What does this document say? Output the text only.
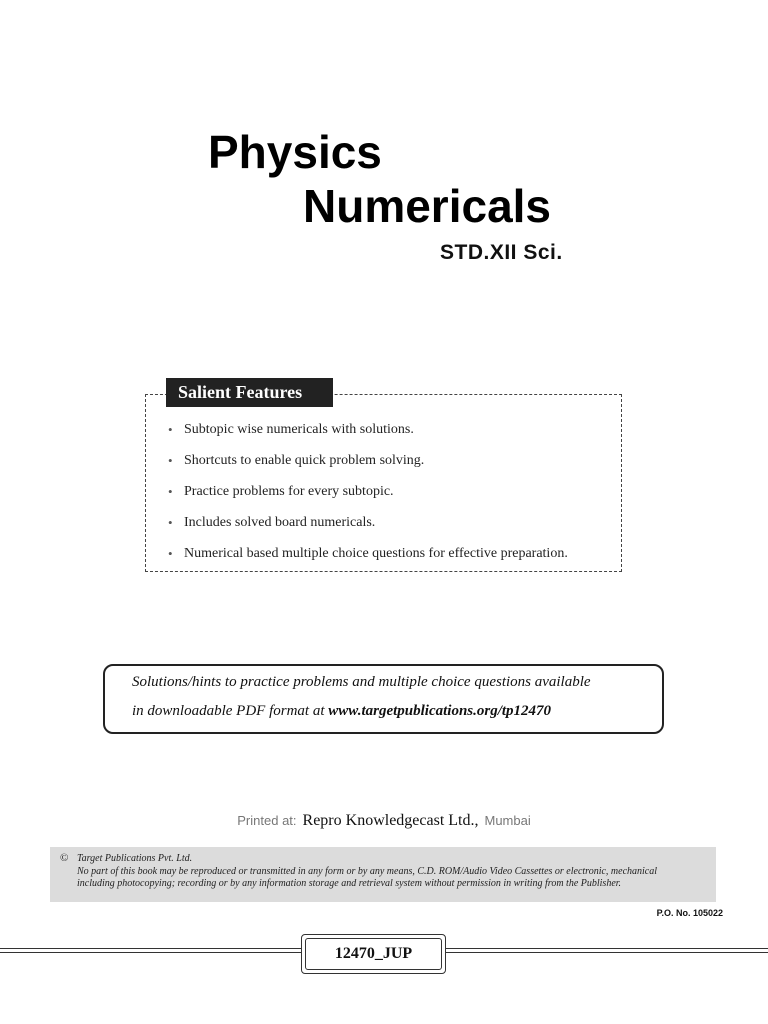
Physics
Numericals
STD.XII Sci.
Salient Features
• Subtopic wise numericals with solutions.
• Shortcuts to enable quick problem solving.
• Practice problems for every subtopic.
• Includes solved board numericals.
• Numerical based multiple choice questions for effective preparation.
Solutions/hints to practice problems and multiple choice questions available
in downloadable PDF format at www.targetpublications.org/tp12470
Printed at: Repro Knowledgecast Ltd., Mumbai
© Target Publications Pvt. Ltd.
No part of this book may be reproduced or transmitted in any form or by any means, C.D. ROM/Audio Video Cassettes or electronic, mechanical
including photocopying; recording or by any information storage and retrieval system without permission in writing from the Publisher.
P.O. No. 105022
12470_JUP
